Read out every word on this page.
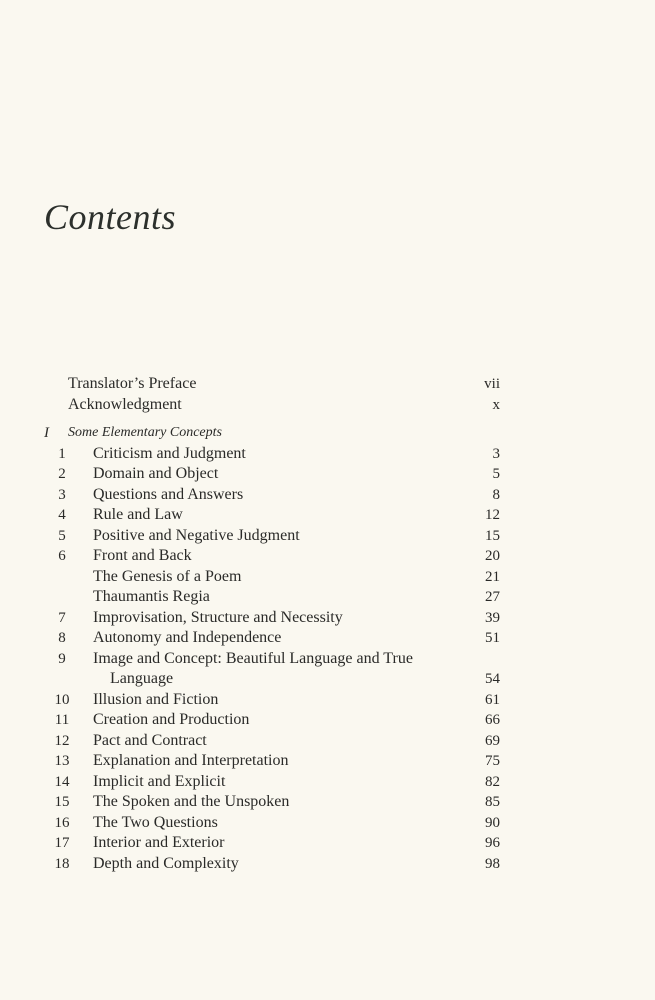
Contents
Translator’s Preface	vii
Acknowledgment	x
I	Some Elementary Concepts
1	Criticism and Judgment	3
2	Domain and Object	5
3	Questions and Answers	8
4	Rule and Law	12
5	Positive and Negative Judgment	15
6	Front and Back	20
The Genesis of a Poem	21
Thaumantis Regia	27
7	Improvisation, Structure and Necessity	39
8	Autonomy and Independence	51
9	Image and Concept: Beautiful Language and True
Language	54
10	Illusion and Fiction	61
11	Creation and Production	66
12	Pact and Contract	69
13	Explanation and Interpretation	75
14	Implicit and Explicit	82
15	The Spoken and the Unspoken	85
16	The Two Questions	90
17	Interior and Exterior	96
18	Depth and Complexity	98
